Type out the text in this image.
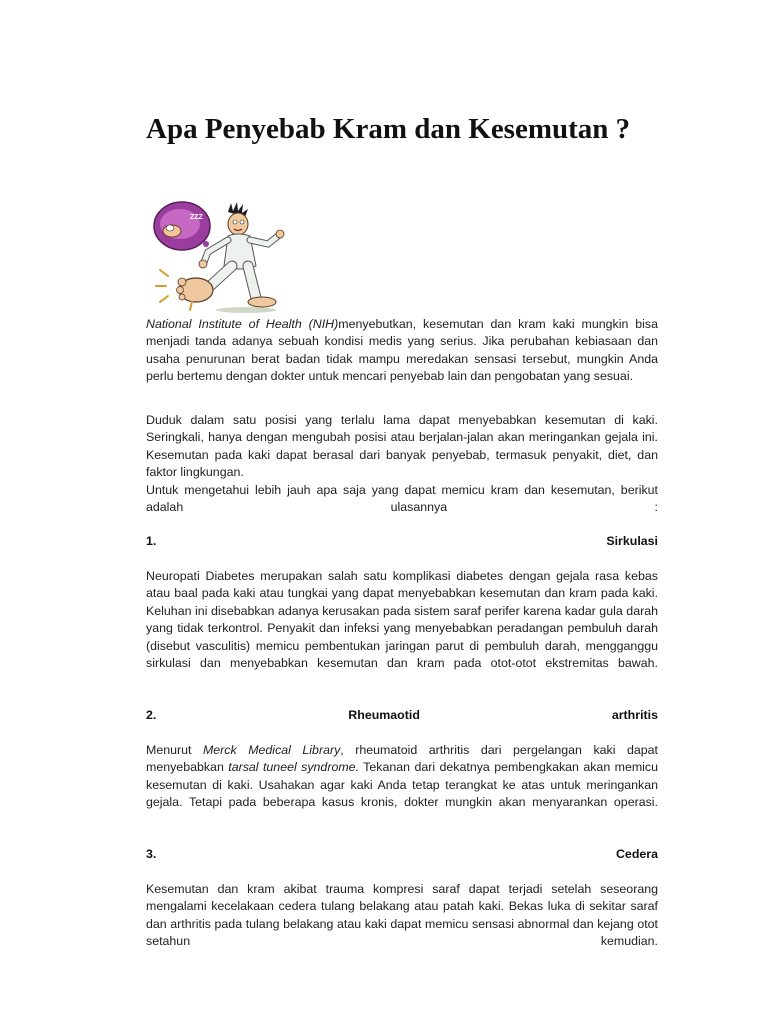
Apa Penyebab Kram dan Kesemutan ?
ZZZ

National Institute of Health (NIH)menyebutkan, kesemutan dan kram kaki mungkin bisa menjadi tanda adanya sebuah kondisi medis yang serius. Jika perubahan kebiasaan dan usaha penurunan berat badan tidak mampu meredakan sensasi tersebut, mungkin Anda perlu bertemu dengan dokter untuk mencari penyebab lain dan pengobatan yang sesuai.

Duduk dalam satu posisi yang terlalu lama dapat menyebabkan kesemutan di kaki. Seringkali, hanya dengan mengubah posisi atau berjalan-jalan akan meringankan gejala ini. Kesemutan pada kaki dapat berasal dari banyak penyebab, termasuk penyakit, diet, dan faktor lingkungan.

Untuk mengetahui lebih jauh apa saja yang dapat memicu kram dan kesemutan, berikut adalah ulasannya :

1.	Sirkulasi

Neuropati Diabetes merupakan salah satu komplikasi diabetes dengan gejala rasa kebas atau baal pada kaki atau tungkai yang dapat menyebabkan kesemutan dan kram pada kaki. Keluhan ini disebabkan adanya kerusakan pada sistem saraf perifer karena kadar gula darah yang tidak terkontrol. Penyakit dan infeksi yang menyebabkan peradangan pembuluh darah (disebut vasculitis) memicu pembentukan jaringan parut di pembuluh darah, mengganggu sirkulasi dan menyebabkan kesemutan dan kram pada otot-otot ekstremitas bawah.

2.	Rheumaotid	arthritis

Menurut Merck Medical Library, rheumatoid arthritis dari pergelangan kaki dapat menyebabkan tarsal tuneel syndrome. Tekanan dari dekatnya pembengkakan akan memicu kesemutan di kaki. Usahakan agar kaki Anda tetap terangkat ke atas untuk meringankan gejala. Tetapi pada beberapa kasus kronis, dokter mungkin akan menyarankan operasi.

3.	Cedera

Kesemutan dan kram akibat trauma kompresi saraf dapat terjadi setelah seseorang mengalami kecelakaan cedera tulang belakang atau patah kaki. Bekas luka di sekitar saraf dan arthritis pada tulang belakang atau kaki dapat memicu sensasi abnormal dan kejang otot setahun kemudian.
